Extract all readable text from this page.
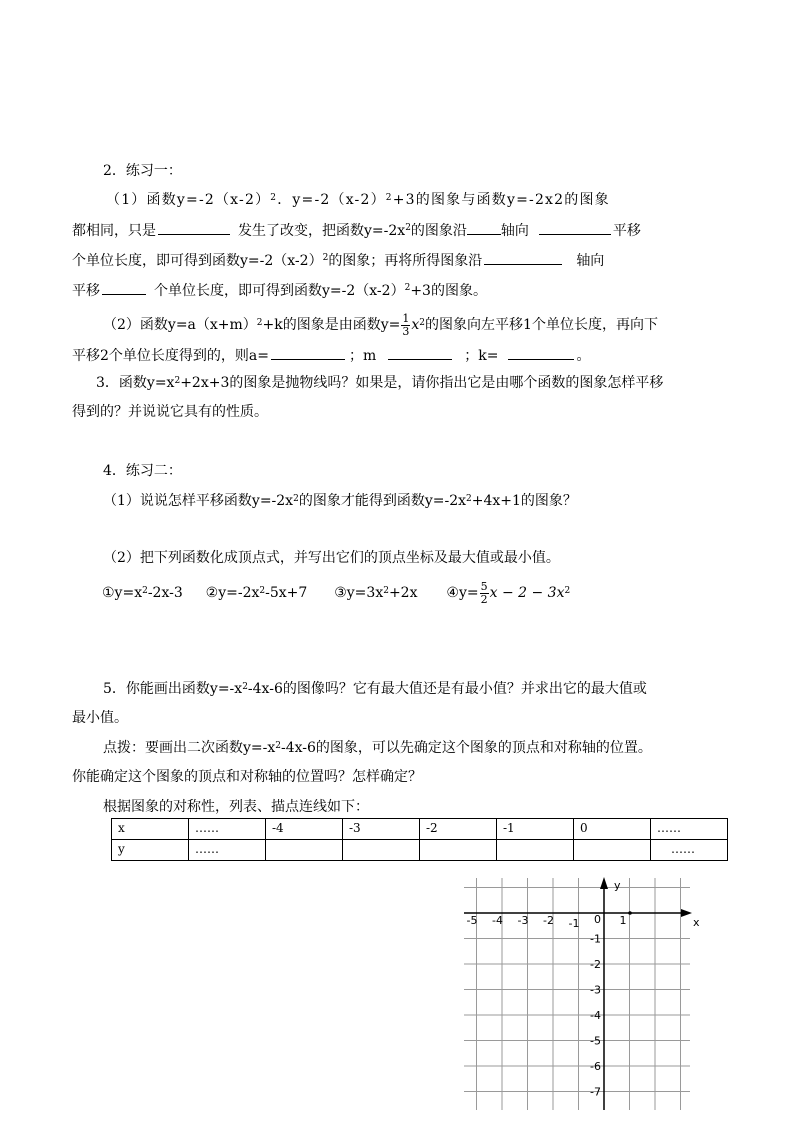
2．练习一：
（1）函数$y=-2(x-2)^2$．$y=-2(x-2)^2+3$的图象与函数y=-2x2的图象
都相同，只是	发生了改变，把函数$y=-2x^2$的图象沿 轴向	平移
个单位长度，即可得到函数$y=-2(x-2)^2$的图象；再将所得图象沿	轴向
平移	个单位长度，即可得到函数$y=-2(x-2)^2+3$的图象。
（2）函数$y=a(x+m)^2+k$的图象是由函数$y= \frac{1}{3} x^2$的图象向左平移1个单位长度，再向下
平移2个单位长度得到的，则a=	；m	；k=	。
3．函数$y=x^2+2x+3$的图象是抛物线吗？如果是，请你指出它是由哪个函数的图象怎样平移
得到的？并说说它具有的性质。
4．练习二：
（1）说说怎样平移函数$y=-2x^2$的图象才能得到函数$y=-2x^2+4x+1$的图象？
（2）把下列函数化成顶点式，并写出它们的顶点坐标及最大值或最小值。
$①y=x^2-2x-3$ $②y=-2x^2-5x+7$ $③y=3x^2+2x$ ④y= $\frac{5}{2}$ $x - 2 - 3x^2$
5．你能画出函数$y=-x^2-4x-6$的图像吗？它有最大值还是有最小值？并求出它的最大值或
最小值。
点拨：要画出二次函数$y=-x^2-4x-6$的图象，可以先确定这个图象的顶点和对称轴的位置。
你能确定这个图象的顶点和对称轴的位置吗？怎样确定？
根据图象的对称性，列表、描点连线如下：
x	……	-4	-3	-2	-1	0	……
y	……						……
x
y
0
-5 -4 -3 -2 -1	1
-1
-2
-3
-4
-5
-6
-7
